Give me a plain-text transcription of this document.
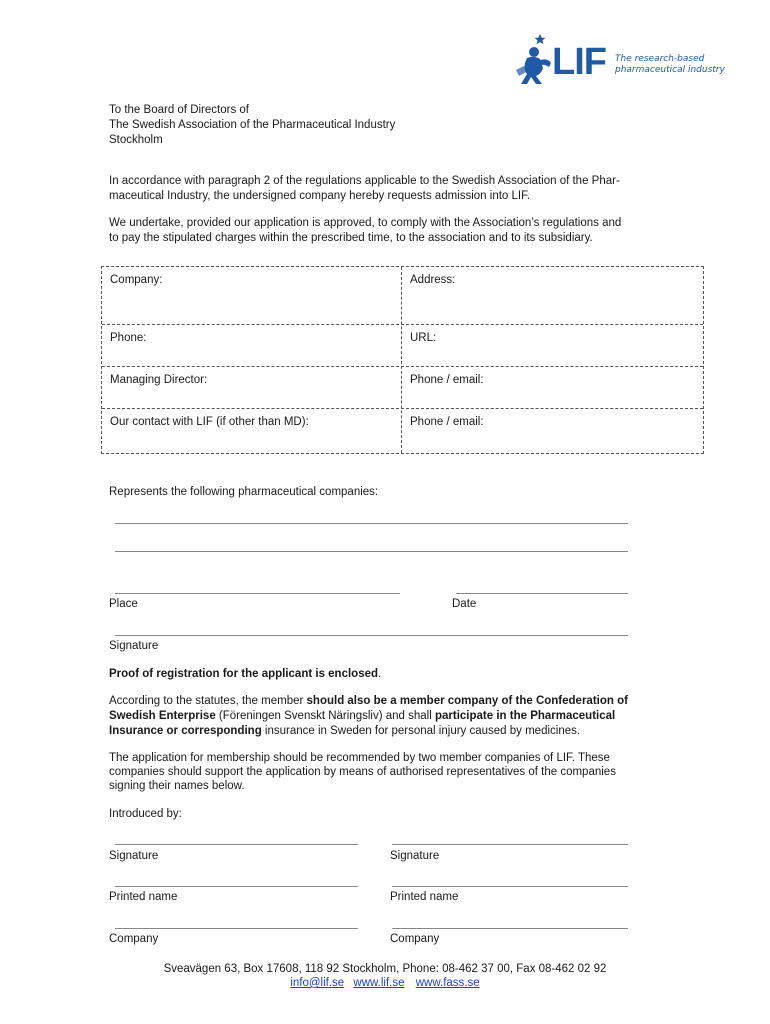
LIF The research-based
pharmaceutical industry
To the Board of Directors of
The Swedish Association of the Pharmaceutical Industry
Stockholm
In accordance with paragraph 2 of the regulations applicable to the Swedish Association of the Phar-
maceutical Industry, the undersigned company hereby requests admission into LIF.
We undertake, provided our application is approved, to comply with the Association’s regulations and
to pay the stipulated charges within the prescribed time, to the association and to its subsidiary.
Company:	Address:
Phone:	URL:
Managing Director:	Phone / email:
Our contact with LIF (if other than MD):	Phone / email:
Represents the following pharmaceutical companies:
Place	Date
Signature
Proof of registration for the applicant is enclosed.
According to the statutes, the member should also be a member company of the Confederation of
Swedish Enterprise (Föreningen Svenskt Näringsliv) and shall participate in the Pharmaceutical
Insurance or corresponding insurance in Sweden for personal injury caused by medicines.
The application for membership should be recommended by two member companies of LIF. These
companies should support the application by means of authorised representatives of the companies
signing their names below.
Introduced by:
Signature	Signature
Printed name	Printed name
Company	Company
Sveavägen 63, Box 17608, 118 92 Stockholm, Phone: 08-462 37 00, Fax 08-462 02 92
info@lif.se www.lif.se www.fass.se
